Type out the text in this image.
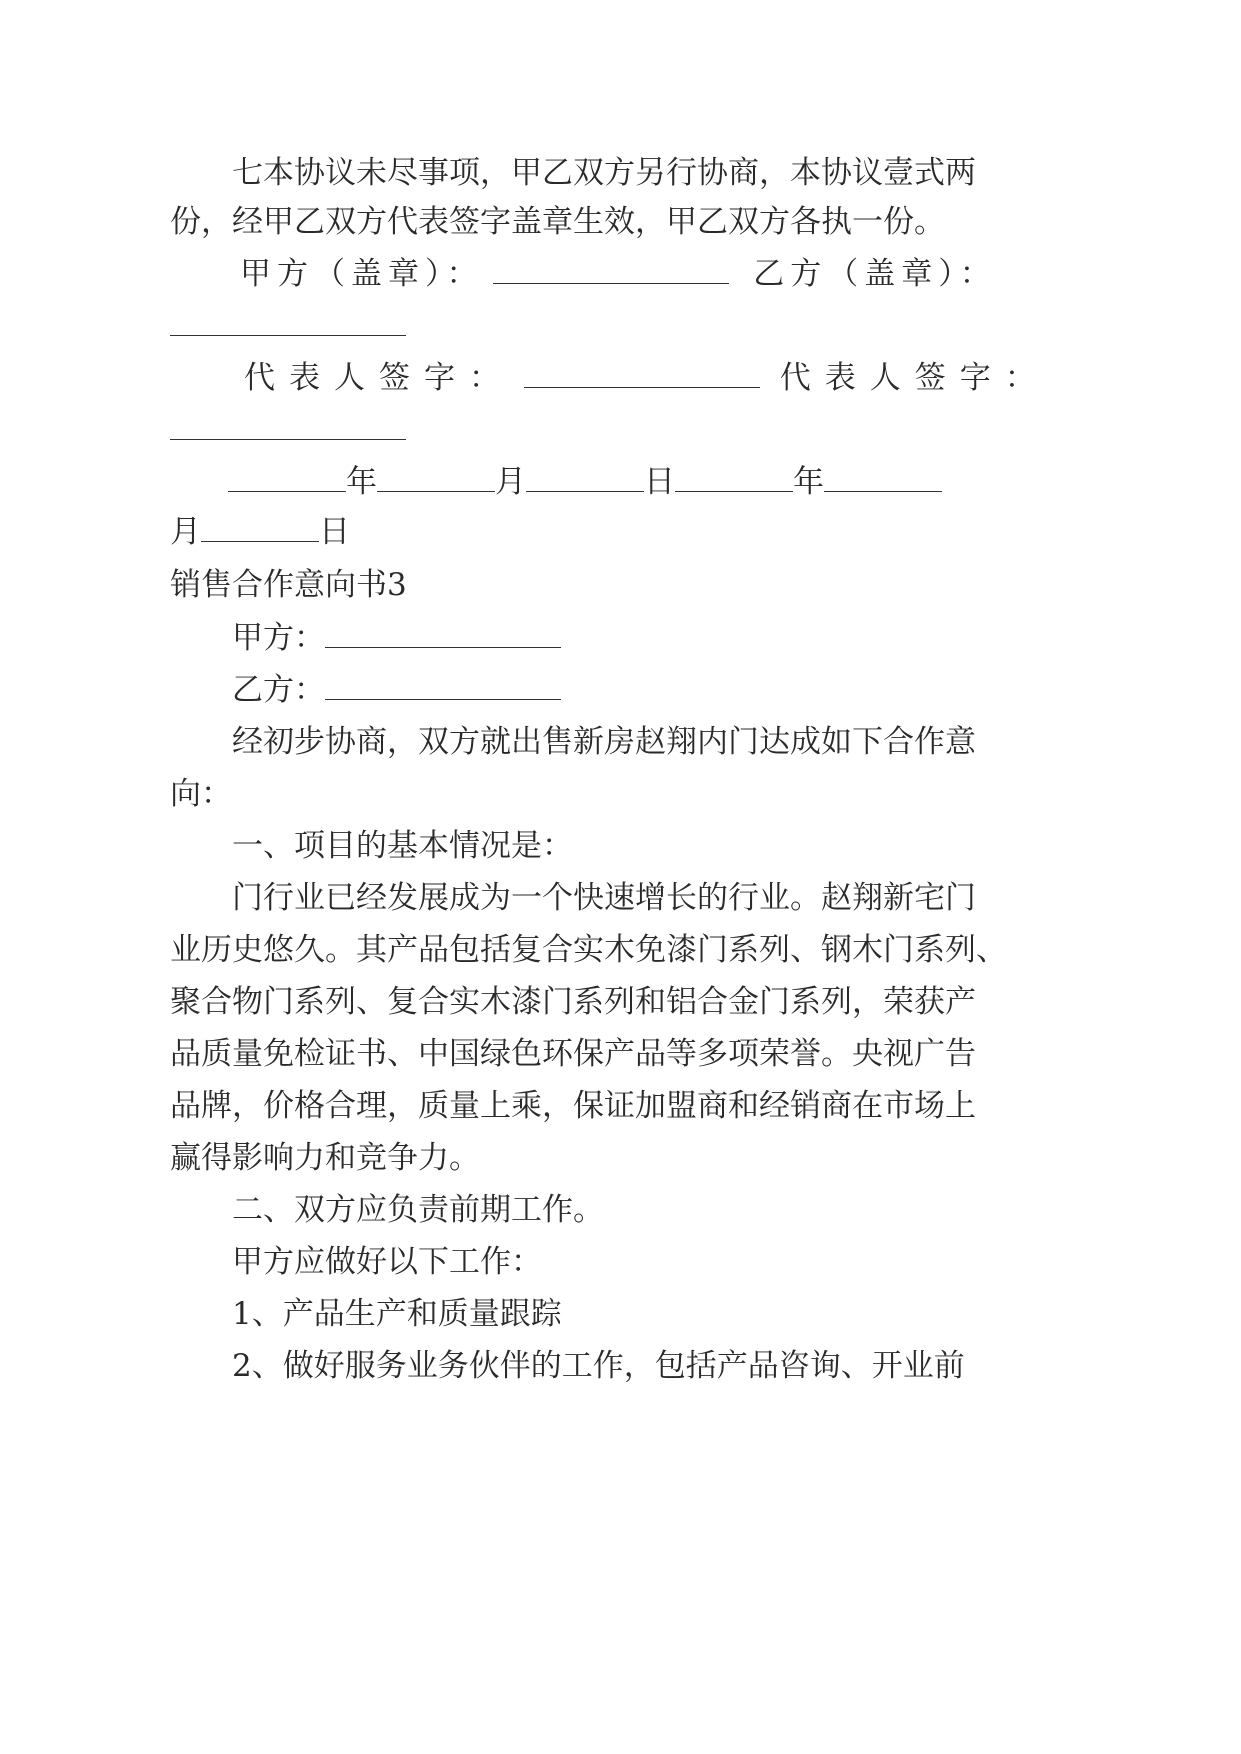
七本协议未尽事项，甲乙双方另行协商，本协议壹式两
份，经甲乙双方代表签字盖章生效，甲乙双方各执一份。
甲方（盖章）：	乙方（盖章）：
代表人签字：	代表人签字：
年	月	日	年
月	日
销售合作意向书3
甲方：
乙方：
经初步协商，双方就出售新房赵翔内门达成如下合作意
向：
一、项目的基本情况是：
门行业已经发展成为一个快速增长的行业。赵翔新宅门
业历史悠久。其产品包括复合实木免漆门系列、钢木门系列、
聚合物门系列、复合实木漆门系列和铝合金门系列，荣获产
品质量免检证书、中国绿色环保产品等多项荣誉。央视广告
品牌，价格合理，质量上乘，保证加盟商和经销商在市场上
赢得影响力和竞争力。
二、双方应负责前期工作。
甲方应做好以下工作：
1、产品生产和质量跟踪
2、做好服务业务伙伴的工作，包括产品咨询、开业前
